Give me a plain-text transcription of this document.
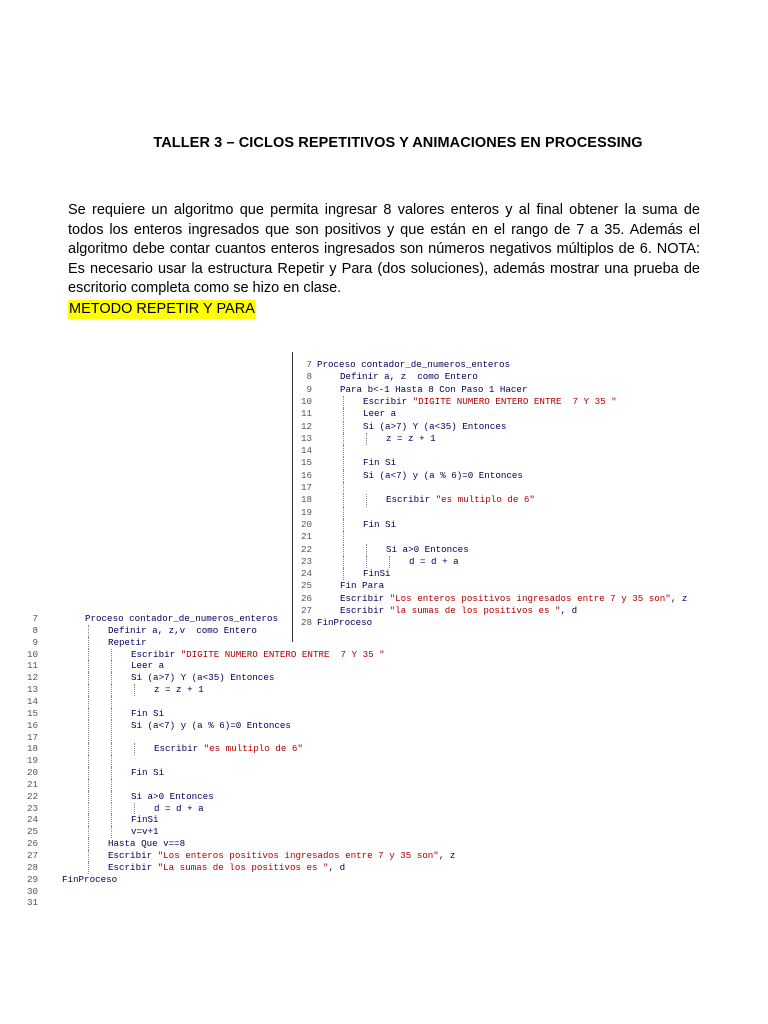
TALLER 3 – CICLOS REPETITIVOS Y ANIMACIONES EN PROCESSING
Se requiere un algoritmo que permita ingresar 8 valores enteros y al final obtener la suma de todos los enteros ingresados que son positivos y que están en el rango de 7 a 35. Además el algoritmo debe contar cuantos enteros ingresados son números negativos múltiplos de 6. NOTA: Es necesario usar la estructura Repetir y Para (dos soluciones), además mostrar una prueba de escritorio completa como se hizo en clase.
METODO REPETIR Y PARA
7 Proceso contador_de_numeros_enteros
8	Definir a, z  como Entero
9	Para b<-1 Hasta 8 Con Paso 1 Hacer
10	Escribir "DIGITE NUMERO ENTERO ENTRE  7 Y 35 "
11	Leer a
12	Si (a>7) Y (a<35) Entonces
13	z = z + 1
14
15	Fin Si
16	Si (a<7) y (a % 6)=0 Entonces
17
18	Escribir "es multiplo de 6"
19
20	Fin Si
21
22	Si a>0 Entonces
23	d = d + a
24	FinSi
25	Fin Para
26	Escribir "Los enteros positivos ingresados entre 7 y 35 son", z
27	Escribir "la sumas de los positivos es ", d
28 FinProceso
7	Proceso contador_de_numeros_enteros
8	Definir a, z,v  como Entero
9	Repetir
10	Escribir "DIGITE NUMERO ENTERO ENTRE  7 Y 35 "
11	Leer a
12	Si (a>7) Y (a<35) Entonces
13	z = z + 1
14
15	Fin Si
16	Si (a<7) y (a % 6)=0 Entonces
17
18	Escribir "es multiplo de 6"
19
20	Fin Si
21
22	Si a>0 Entonces
23	d = d + a
24	FinSi
25	v=v+1
26	Hasta Que v==8
27	Escribir "Los enteros positivos ingresados entre 7 y 35 son", z
28	Escribir "La sumas de los positivos es ", d
29	FinProceso
30
31
